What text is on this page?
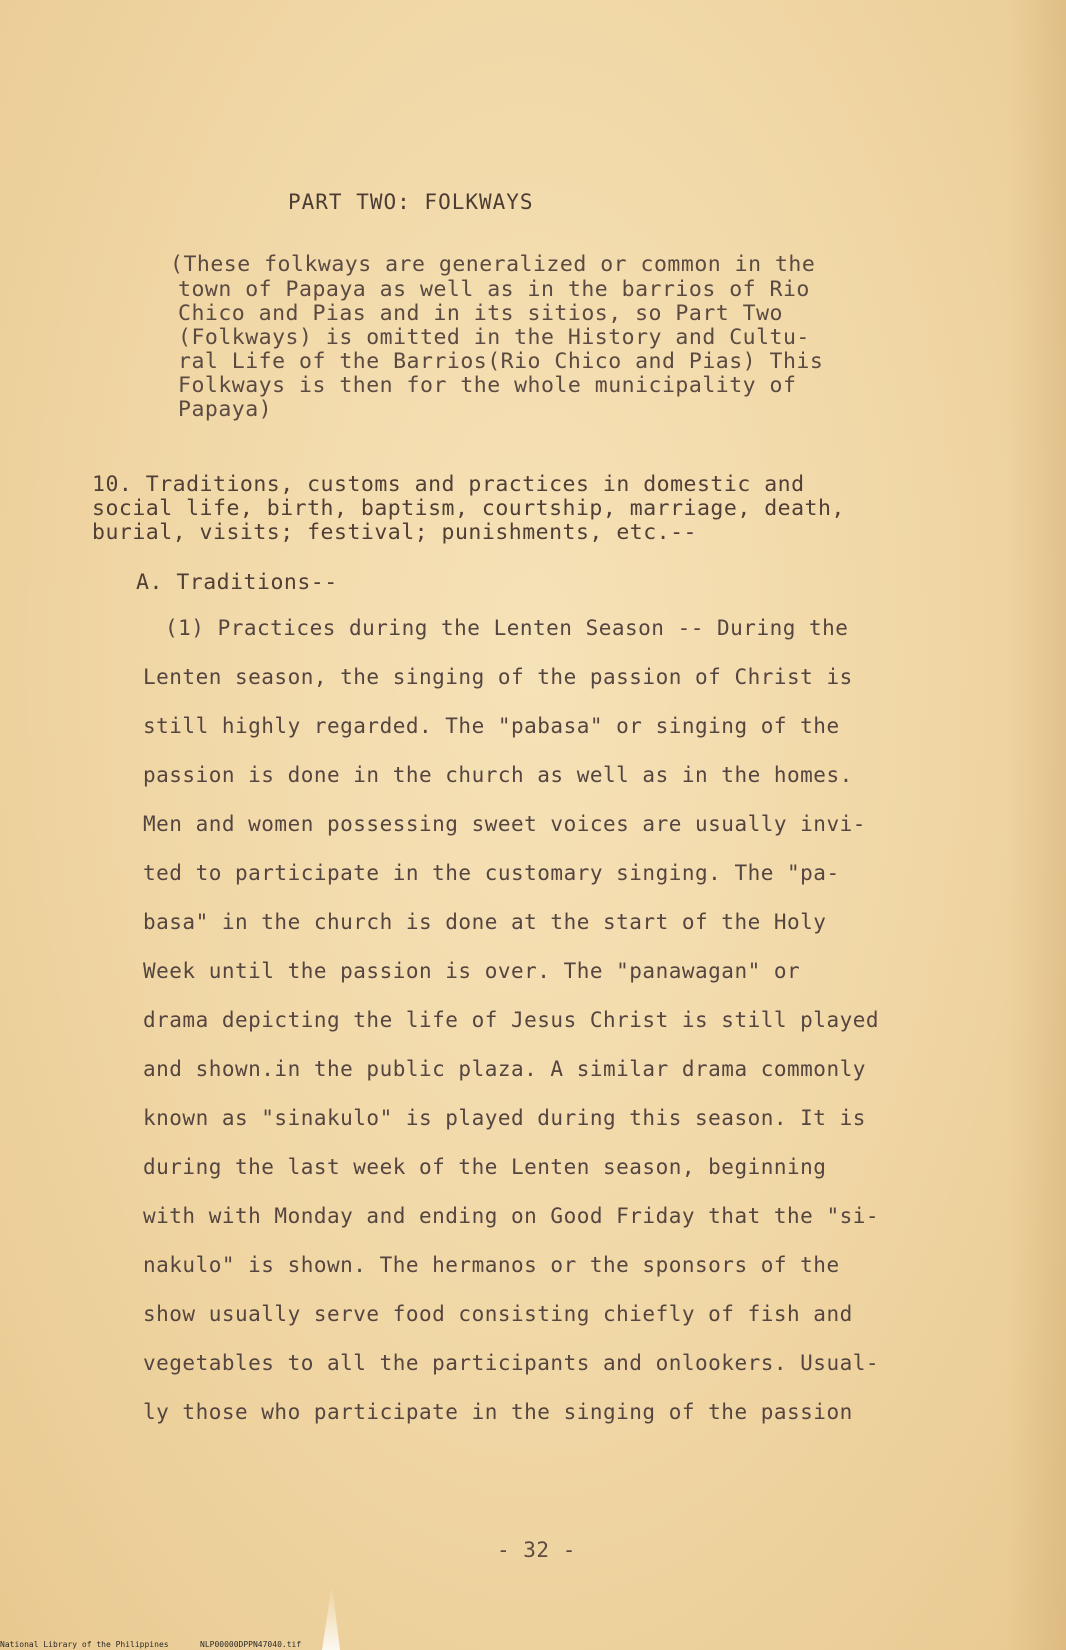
PART TWO: FOLKWAYS
(These folkways are generalized or common in the
town of Papaya as well as in the barrios of Rio
Chico and Pias and in its sitios, so Part Two
(Folkways) is omitted in the History and Cultu-
ral Life of the Barrios(Rio Chico and Pias) This
Folkways is then for the whole municipality of
Papaya)
10. Traditions, customs and practices in domestic and
social life, birth, baptism, courtship, marriage, death,
burial, visits; festival; punishments, etc.--
A. Traditions--
(1) Practices during the Lenten Season -- During the
Lenten season, the singing of the passion of Christ is
still highly regarded. The "pabasa" or singing of the
passion is done in the church as well as in the homes.
Men and women possessing sweet voices are usually invi-
ted to participate in the customary singing. The "pa-
basa" in the church is done at the start of the Holy
Week until the passion is over. The "panawagan" or
drama depicting the life of Jesus Christ is still played
and shown.in the public plaza. A similar drama commonly
known as "sinakulo" is played during this season. It is
during the last week of the Lenten season, beginning
with with Monday and ending on Good Friday that the "si-
nakulo" is shown. The hermanos or the sponsors of the
show usually serve food consisting chiefly of fish and
vegetables to all the participants and onlookers. Usual-
ly those who participate in the singing of the passion
- 32 -
National Library of the Philippines	NLP00000DPPN47040.tif
